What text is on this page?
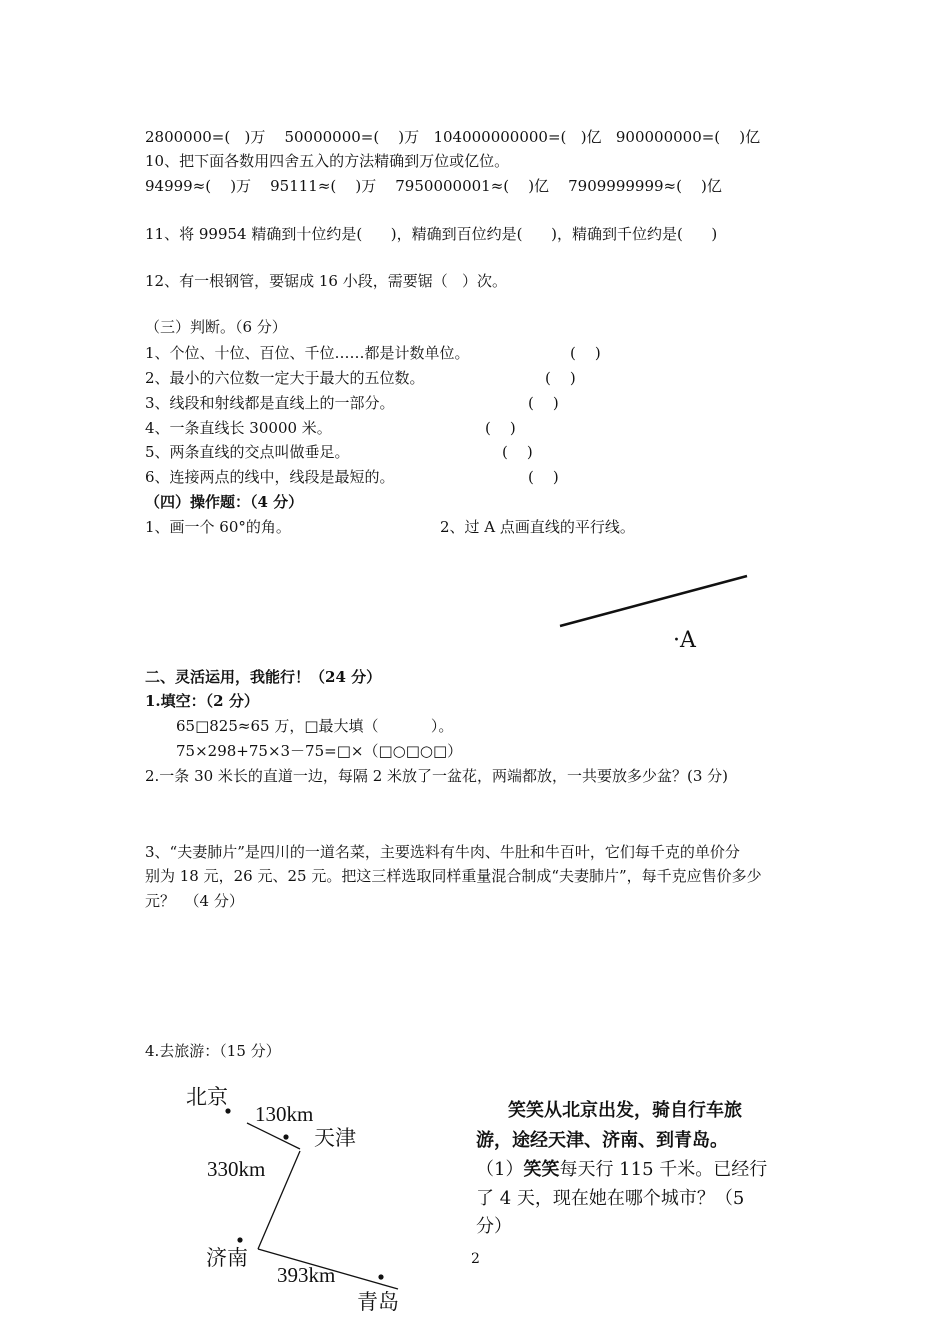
2800000=(   )万    50000000=(    )万   104000000000=(   )亿   900000000=(    )亿
10、把下面各数用四舍五入的方法精确到万位或亿位。
94999≈(    )万    95111≈(    )万    7950000001≈(    )亿    7909999999≈(    )亿
11、将 99954 精确到十位约是(      )，精确到百位约是(      )，精确到千位约是(      )
12、有一根钢管，要锯成 16 小段，需要锯（   ）次。
（三）判断。（6 分）
1、个位、十位、百位、千位……都是计数单位。	(    )
2、最小的六位数一定大于最大的五位数。	(    )
3、线段和射线都是直线上的一部分。	(    )
4、一条直线长 30000 米。	(    )
5、两条直线的交点叫做垂足。	(    )
6、连接两点的线中，线段是最短的。	(    )
（四）操作题：（4 分）
1、画一个 60°的角。	2、过 A 点画直线的平行线。
·A
二、灵活运用，我能行！（24 分）
1.填空：（2 分）
65□825≈65 万，□最大填（           ）。
75×298+75×3－75=□×（□○□○□）
2.一条 30 米长的直道一边，每隔 2 米放了一盆花，两端都放，一共要放多少盆？(3 分)
3、“夫妻肺片”是四川的一道名菜，主要选料有牛肉、牛肚和牛百叶，它们每千克的单价分
别为 18 元，26 元、25 元。把这三样选取同样重量混合制成“夫妻肺片”，每千克应售价多少
元？  （4 分）
4.去旅游：（15 分）
北京
130km
天津
330km
济南
393km
青岛
笑笑从北京出发，骑自行车旅
游，途经天津、济南、到青岛。
（1）笑笑每天行 115 千米。已经行
了 4 天，现在她在哪个城市？（5
分）
2
